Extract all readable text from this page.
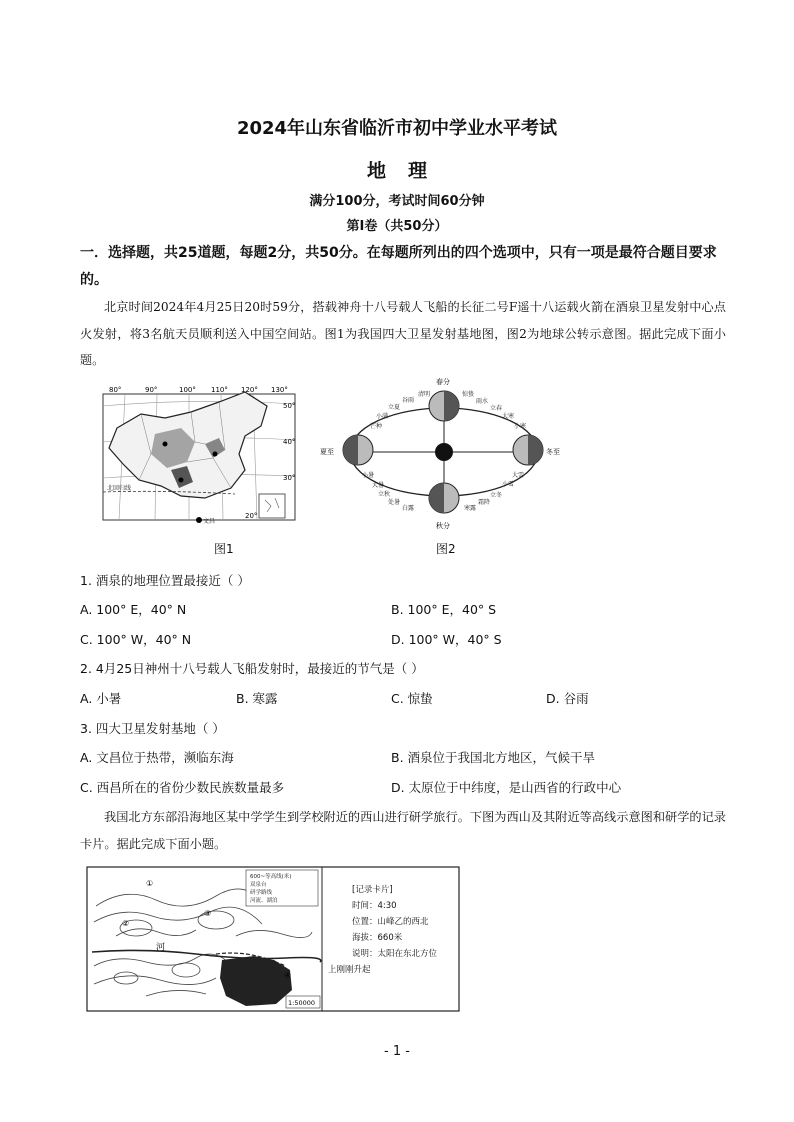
2024年山东省临沂市初中学业水平考试
地理
满分100分，考试时间60分钟
第I卷（共50分）
一．选择题，共25道题，每题2分，共50分。在每题所列出的四个选项中，只有一项是最符合题目要求的。
北京时间2024年4月25日20时59分，搭载神舟十八号载人飞船的长征二号F遥十八运载火箭在酒泉卫星发射中心点火发射，将3名航天员顺利送入中国空间站。图1为我国四大卫星发射基地图，图2为地球公转示意图。据此完成下面小题。
北回归线
文昌
80°	90°	100° 110° 120° 130°
50°
40°
30°
20°
图1
春分
秋分
夏至	冬至
清明
谷雨
立夏
小满
芒种
小暑
大暑
立秋
处暑
白露	寒露
霜降
立冬
小雪
大雪
小寒
大寒
立春
雨水
惊蛰
图2
1. 酒泉的地理位置最接近（ ）
A. 100° E，40° N	B. 100° E，40° S
C. 100° W，40° N	D. 100° W，40° S
2. 4月25日神州十八号载人飞船发射时，最接近的节气是（ ）
A. 小暑	B. 寒露	C. 惊蛰	D. 谷雨
3. 四大卫星发射基地（ ）
A. 文昌位于热带，濒临东海	B. 酒泉位于我国北方地区，气候干旱
C. 西昌所在的省份少数民族数量最多	D. 太原位于中纬度，是山西省的行政中心
我国北方东部沿海地区某中学学生到学校附近的西山进行研学旅行。下图为西山及其附近等高线示意图和研学的记录卡片。据此完成下面小题。
河
①
②
③
④
600~等高线(米)
双泉台
研学路线
河流、湖泊
1:50000
[记录卡片]
时间：4:30
位置：山峰乙的西北
海拔：660米
说明：太阳在东北方位
上刚刚升起
- 1 -
